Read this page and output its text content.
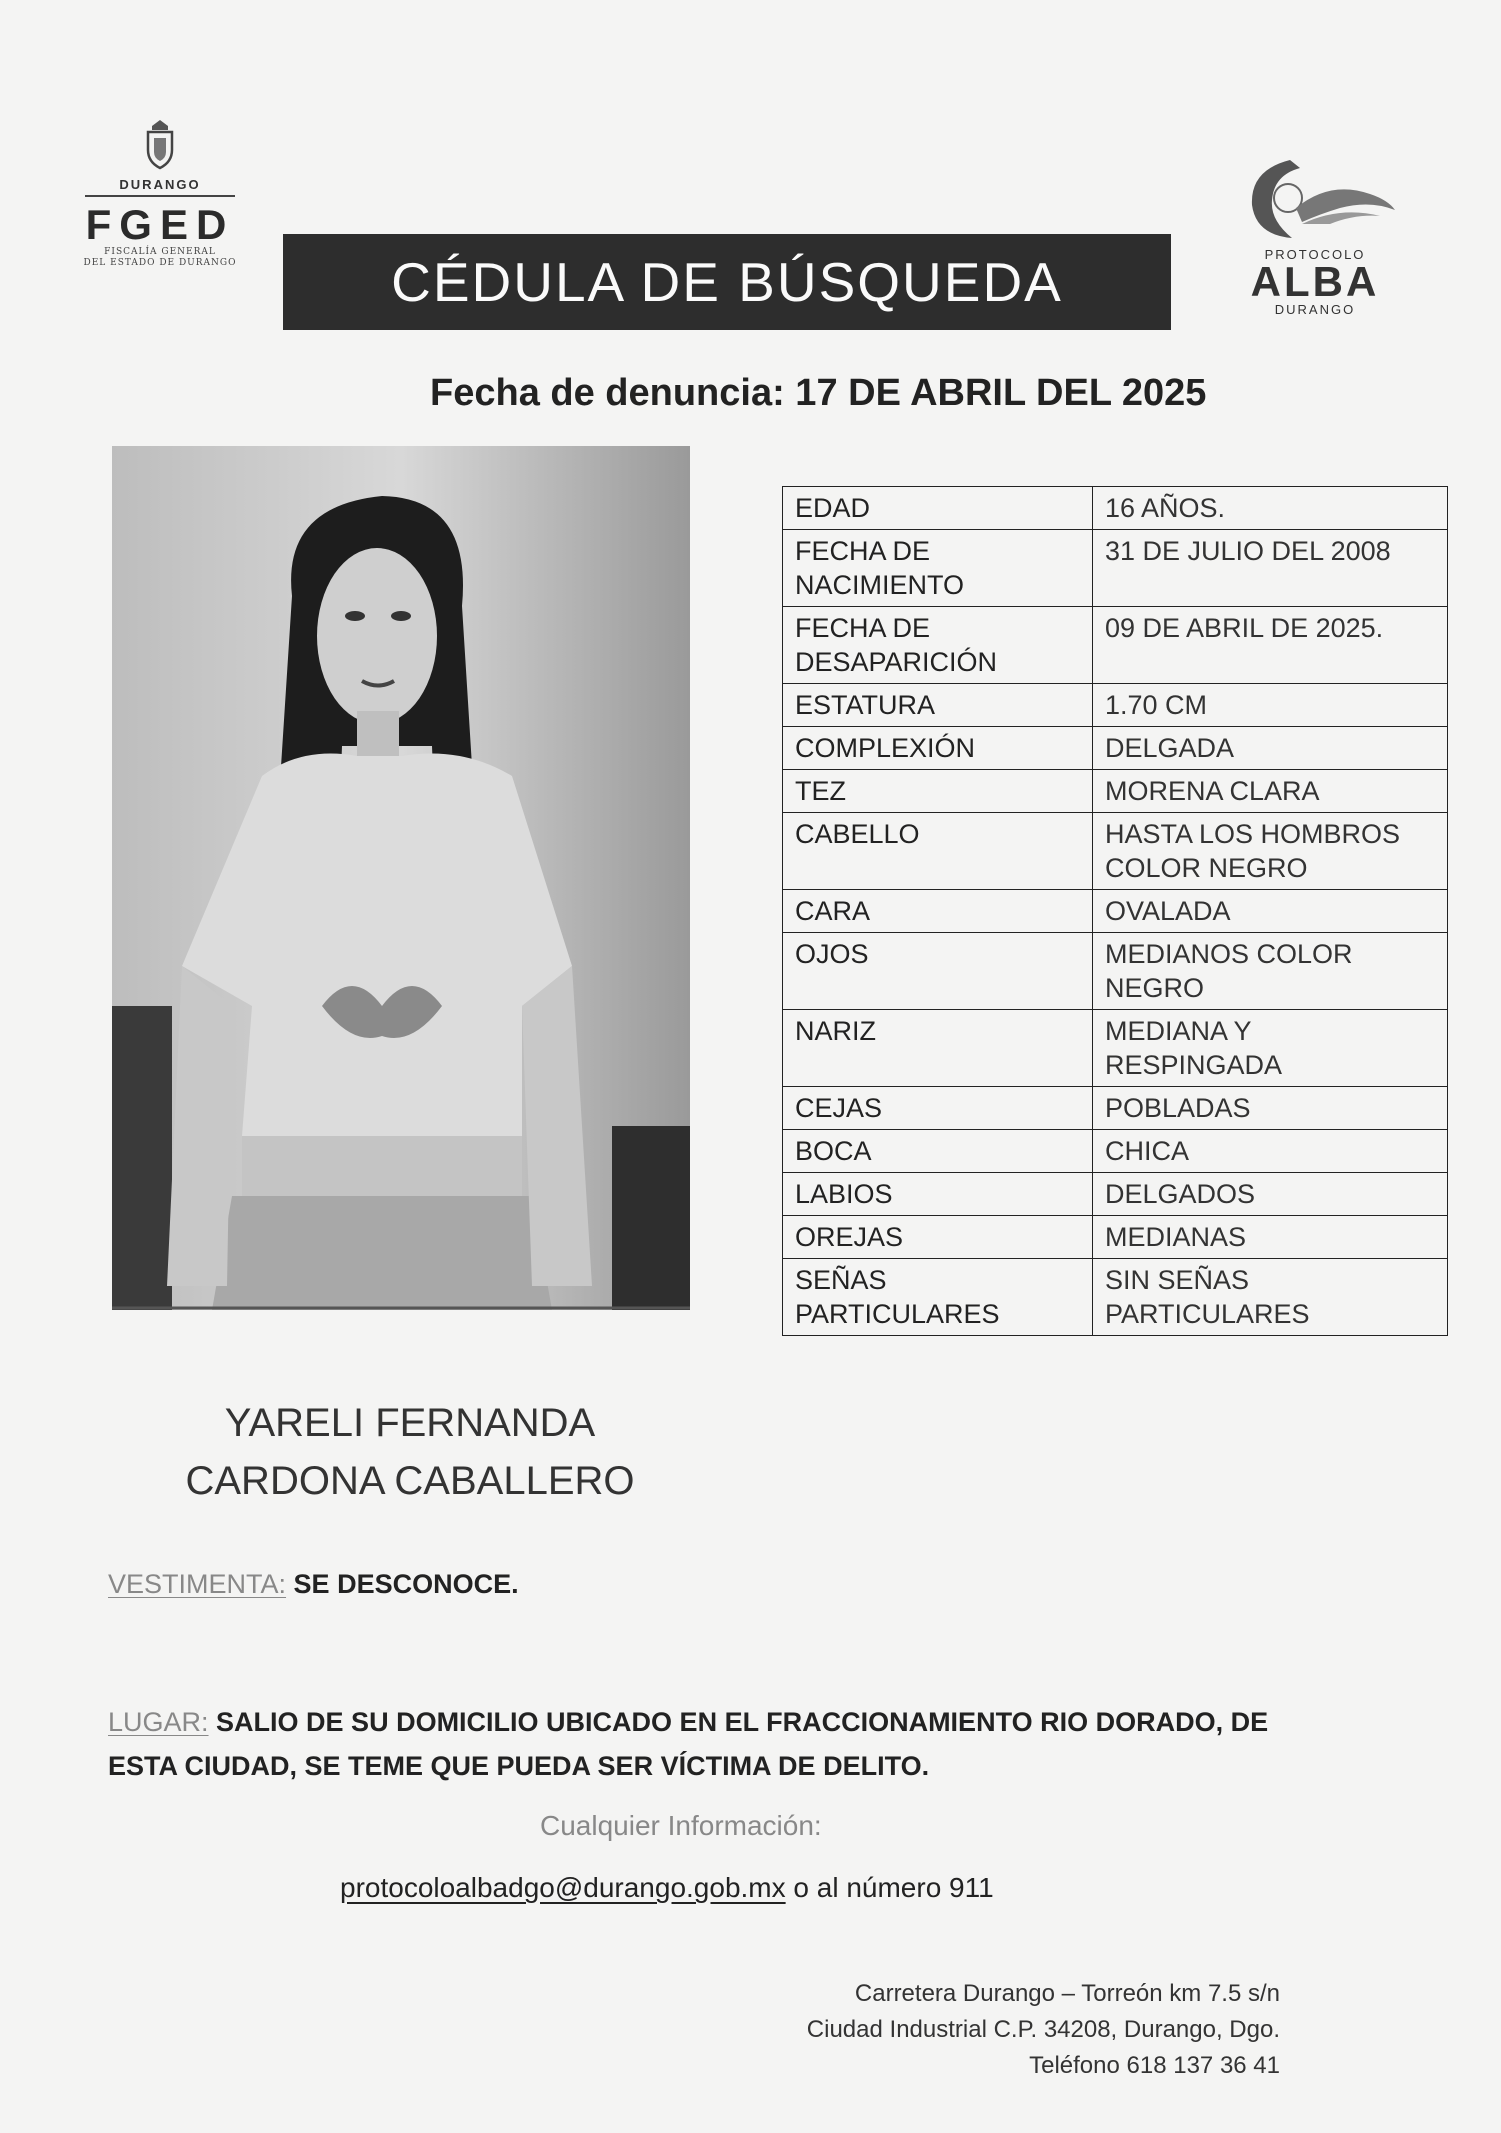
DURANGO
FGED
FISCALÍA GENERAL
DEL ESTADO DE DURANGO	CÉDULA DE BÚSQUEDA	PROTOCOLO
ALBA
DURANGO
Fecha de denuncia: 17 DE ABRIL DEL 2025
EDAD	16 AÑOS.
FECHA DE NACIMIENTO	31 DE JULIO DEL 2008
FECHA DE DESAPARICIÓN	09 DE ABRIL DE 2025.
ESTATURA	1.70 CM
COMPLEXIÓN	DELGADA
TEZ	MORENA CLARA
CABELLO	HASTA LOS HOMBROS COLOR NEGRO
CARA	OVALADA
OJOS	MEDIANOS COLOR NEGRO
NARIZ	MEDIANA Y RESPINGADA
CEJAS	POBLADAS
BOCA	CHICA
LABIOS	DELGADOS
OREJAS	MEDIANAS
SEÑAS PARTICULARES	SIN SEÑAS PARTICULARES
YARELI FERNANDA
CARDONA CABALLERO
VESTIMENTA: SE DESCONOCE.
LUGAR: SALIO DE SU DOMICILIO UBICADO EN EL FRACCIONAMIENTO RIO DORADO, DE ESTA CIUDAD, SE TEME QUE PUEDA SER VÍCTIMA DE DELITO.
Cualquier Información:
protocoloalbadgo@durango.gob.mx o al número 911
Carretera Durango – Torreón km 7.5 s/n
Ciudad Industrial C.P. 34208, Durango, Dgo.
Teléfono 618 137 36 41
